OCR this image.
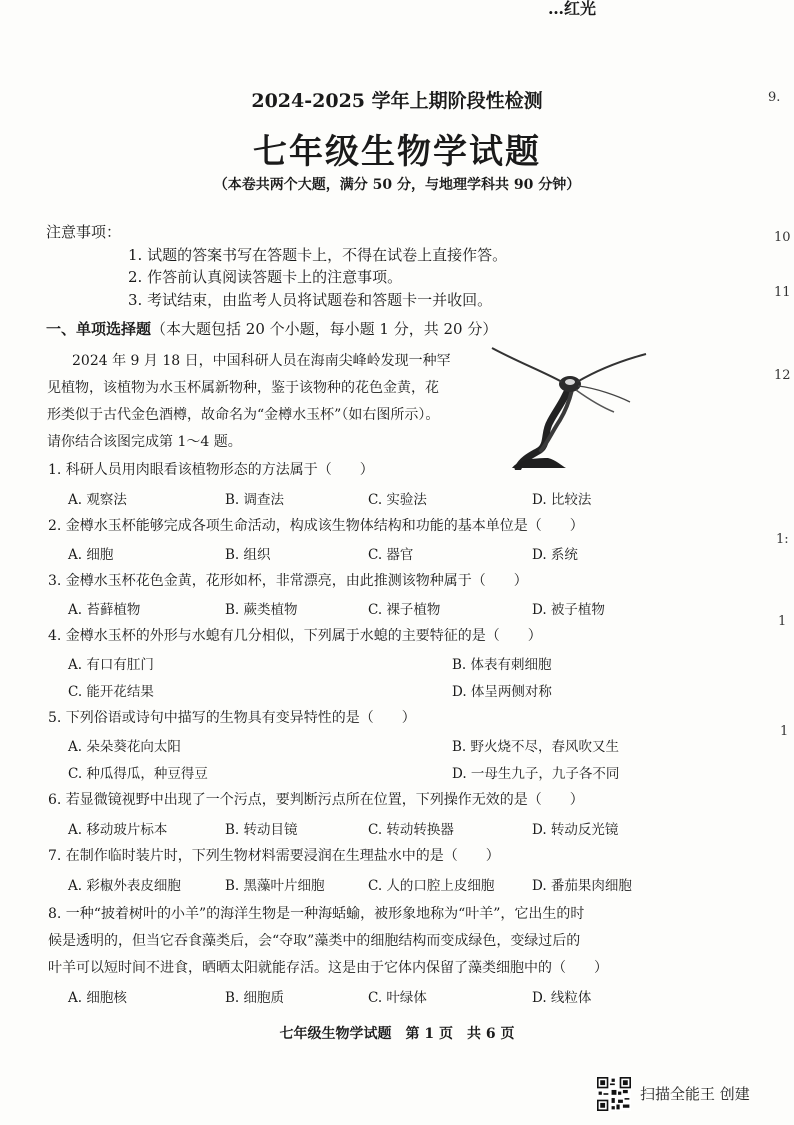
…红光
2024-2025 学年上期阶段性检测
七年级生物学试题
（本卷共两个大题，满分 50 分，与地理学科共 90 分钟）
注意事项：
1. 试题的答案书写在答题卡上，不得在试卷上直接作答。
2. 作答前认真阅读答题卡上的注意事项。
3. 考试结束，由监考人员将试题卷和答题卡一并收回。
一、单项选择题（本大题包括 20 个小题，每小题 1 分，共 20 分）
2024 年 9 月 18 日，中国科研人员在海南尖峰岭发现一种罕
见植物，该植物为水玉杯属新物种，鉴于该物种的花色金黄，花
形类似于古代金色酒樽，故命名为“金樽水玉杯”（如右图所示）。
请你结合该图完成第 1～4 题。
1. 科研人员用肉眼看该植物形态的方法属于（　　）
A. 观察法	B. 调查法	C. 实验法	D. 比较法
2. 金樽水玉杯能够完成各项生命活动，构成该生物体结构和功能的基本单位是（　　）
A. 细胞	B. 组织	C. 器官	D. 系统
3. 金樽水玉杯花色金黄，花形如杯，非常漂亮，由此推测该物种属于（　　）
A. 苔藓植物	B. 蕨类植物	C. 裸子植物	D. 被子植物
4. 金樽水玉杯的外形与水螅有几分相似，下列属于水螅的主要特征的是（　　）
A. 有口有肛门	B. 体表有刺细胞
C. 能开花结果	D. 体呈两侧对称
5. 下列俗语或诗句中描写的生物具有变异特性的是（　　）
A. 朵朵葵花向太阳	B. 野火烧不尽，春风吹又生
C. 种瓜得瓜，种豆得豆	D. 一母生九子，九子各不同
6. 若显微镜视野中出现了一个污点，要判断污点所在位置，下列操作无效的是（　　）
A. 移动玻片标本	B. 转动目镜	C. 转动转换器	D. 转动反光镜
7. 在制作临时装片时，下列生物材料需要浸润在生理盐水中的是（　　）
A. 彩椒外表皮细胞	B. 黑藻叶片细胞	C. 人的口腔上皮细胞	D. 番茄果肉细胞
8. 一种“披着树叶的小羊”的海洋生物是一种海蛞蝓，被形象地称为“叶羊”，它出生的时
候是透明的，但当它吞食藻类后，会“夺取”藻类中的细胞结构而变成绿色，变绿过后的
叶羊可以短时间不进食，晒晒太阳就能存活。这是由于它体内保留了藻类细胞中的（　　）
A. 细胞核	B. 细胞质	C. 叶绿体	D. 线粒体
七年级生物学试题　第 1 页　共 6 页
9.
10
11
12
1:
1
1
扫描全能王 创建
